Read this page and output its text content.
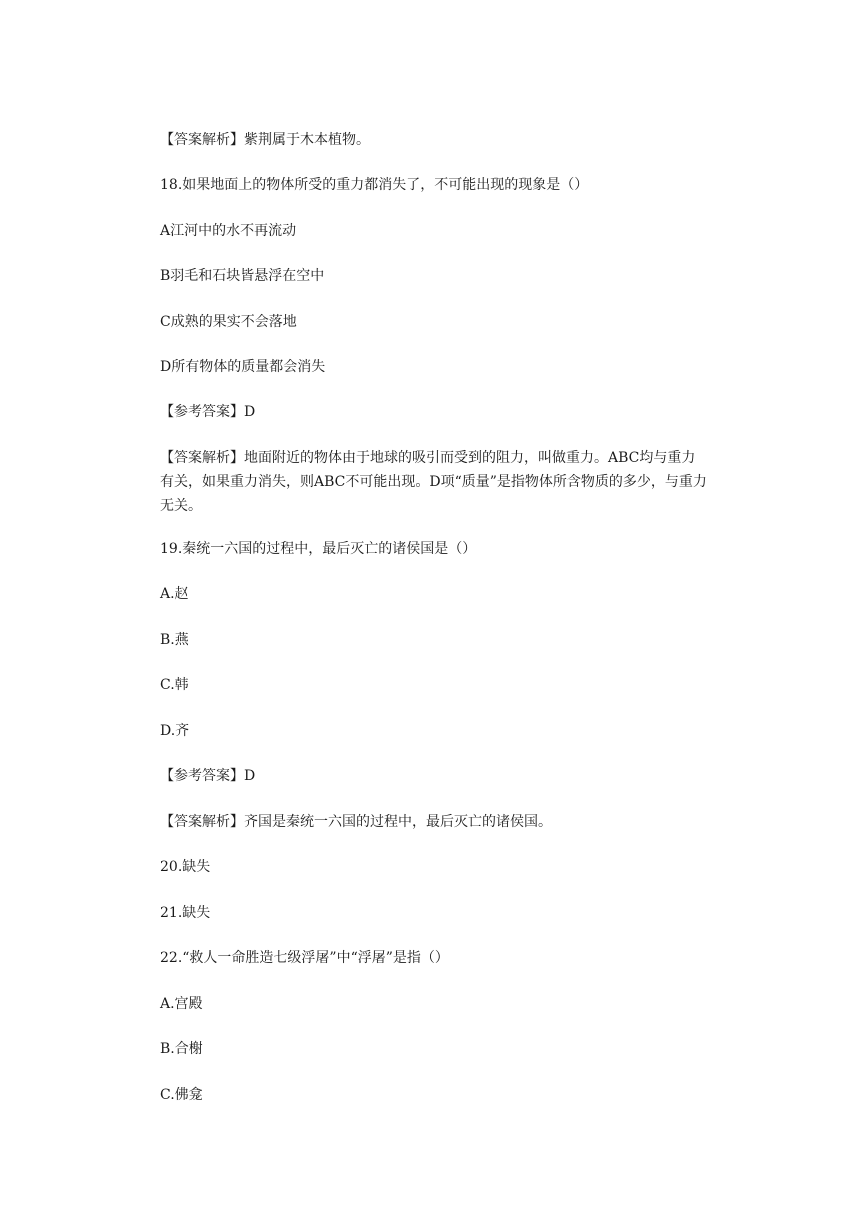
【答案解析】紫荆属于木本植物。
18.如果地面上的物体所受的重力都消失了，不可能出现的现象是（）
A江河中的水不再流动
B羽毛和石块皆悬浮在空中
C成熟的果实不会落地
D所有物体的质量都会消失
【参考答案】D
【答案解析】地面附近的物体由于地球的吸引而受到的阻力，叫做重力。ABC均与重力
有关，如果重力消失，则ABC不可能出现。D项“质量”是指物体所含物质的多少，与重力
无关。
19.秦统一六国的过程中，最后灭亡的诸侯国是（）
A.赵
B.燕
C.韩
D.齐
【参考答案】D
【答案解析】齐国是秦统一六国的过程中，最后灭亡的诸侯国。
20.缺失
21.缺失
22.“救人一命胜造七级浮屠”中“浮屠”是指（）
A.宫殿
B.合榭
C.佛龛
